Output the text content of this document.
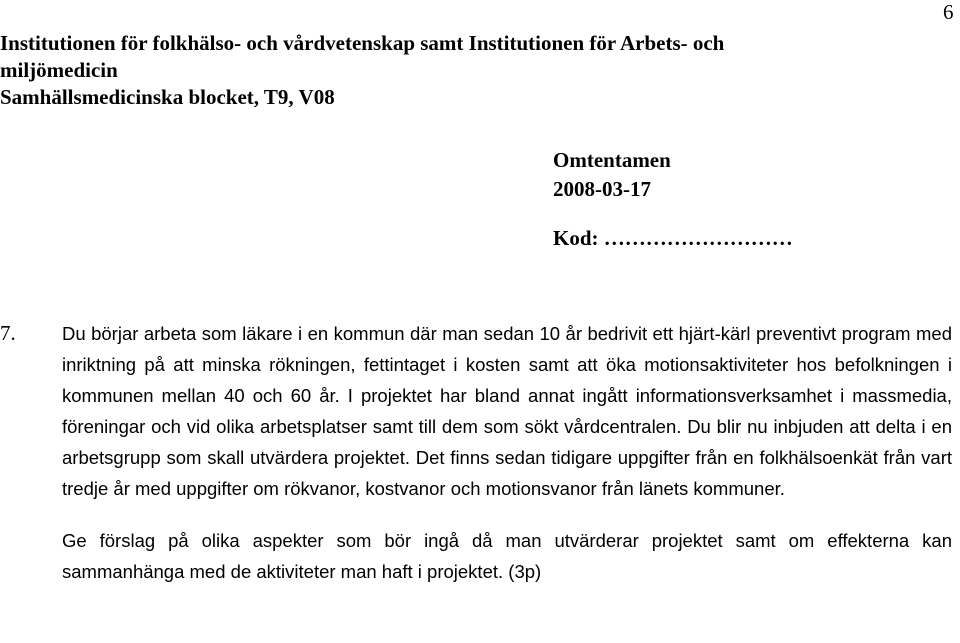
6
Institutionen för folkhälso- och vårdvetenskap samt Institutionen för Arbets- och
miljömedicin
Samhällsmedicinska blocket, T9, V08
Omtentamen
2008-03-17
Kod: ………………………
7.	Du börjar arbeta som läkare i en kommun där man sedan 10 år bedrivit ett hjärt-kärl preventivt program med inriktning på att minska rökningen, fettintaget i kosten samt att öka motionsaktiviteter hos befolkningen i kommunen mellan 40 och 60 år. I projektet har bland annat ingått informationsverksamhet i massmedia, föreningar och vid olika arbetsplatser samt till dem som sökt vårdcentralen. Du blir nu inbjuden att delta i en arbetsgrupp som skall utvärdera projektet. Det finns sedan tidigare uppgifter från en folkhälsoenkät från vart tredje år med uppgifter om rökvanor, kostvanor och motionsvanor från länets kommuner.

Ge förslag på olika aspekter som bör ingå då man utvärderar projektet samt om effekterna kan sammanhänga med de aktiviteter man haft i projektet. (3p)
